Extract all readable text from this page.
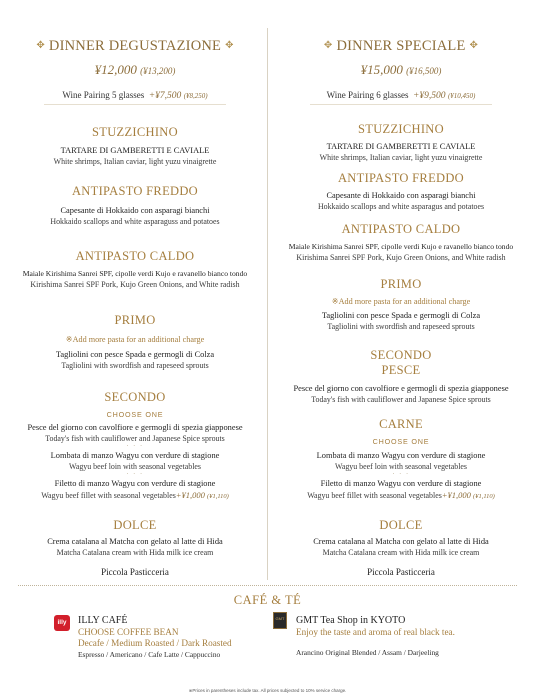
✥ DINNER DEGUSTAZIONE ✥
¥12,000 (¥13,200)
Wine Pairing 5 glasses +¥7,500 (¥8,250)
STUZZICHINO
TARTARE DI GAMBERETTI E CAVIALE
White shrimps, Italian caviar, light yuzu vinaigrette
ANTIPASTO FREDDO
Capesante di Hokkaido con asparagi bianchi
Hokkaido scallops and white asparaguss and potatoes
ANTIPASTO CALDO
Maiale Kirishima Sanrei SPF, cipolle verdi Kujo e ravanello bianco tondo
Kirishima Sanrei SPF Pork, Kujo Green Onions, and White radish
PRIMO
※Add more pasta for an additional charge
Tagliolini con pesce Spada e germogli di Colza
Tagliolini with swordfish and rapeseed sprouts
SECONDO
CHOOSE ONE
Pesce del giorno con cavolfiore e germogli di spezia giapponese
Today's fish with cauliflower and Japanese Spice sprouts
· · ·
Lombata di manzo Wagyu con verdure di stagione
Wagyu beef loin with seasonal vegetables
· · ·
Filetto di manzo Wagyu con verdure di stagione
Wagyu beef fillet with seasonal vegetables+¥1,000 (¥1,110)
DOLCE
Crema catalana al Matcha con gelato al latte di Hida
Matcha Catalana cream with Hida milk ice cream
Piccola Pasticceria
✥ DINNER SPECIALE ✥
¥15,000 (¥16,500)
Wine Pairing 6 glasses +¥9,500 (¥10,450)
STUZZICHINO
TARTARE DI GAMBERETTI E CAVIALE
White shrimps, Italian caviar, light yuzu vinaigrette
ANTIPASTO FREDDO
Capesante di Hokkaido con asparagi bianchi
Hokkaido scallops and white asparagus and potatoes
ANTIPASTO CALDO
Maiale Kirishima Sanrei SPF, cipolle verdi Kujo e ravanello bianco tondo
Kirishima Sanrei SPF Pork, Kujo Green Onions, and White radish
PRIMO
※Add more pasta for an additional charge
Tagliolini con pesce Spada e germogli di Colza
Tagliolini with swordfish and rapeseed sprouts
SECONDO
PESCE
Pesce del giorno con cavolfiore e germogli di spezia giapponese
Today's fish with cauliflower and Japanese Spice sprouts
CARNE
CHOOSE ONE
Lombata di manzo Wagyu con verdure di stagione
Wagyu beef loin with seasonal vegetables
· · ·
Filetto di manzo Wagyu con verdure di stagione
Wagyu beef fillet with seasonal vegetables+¥1,000 (¥1,110)
DOLCE
Crema catalana al Matcha con gelato al latte di Hida
Matcha Catalana cream with Hida milk ice cream
Piccola Pasticceria
CAFÉ & TÉ
illy	ILLY CAFÉ
CHOOSE COFFEE BEAN
Decafe / Medium Roasted / Dark Roasted
Espresso / Americano / Cafe Latte / Cappuccino
GMT GMT Tea Shop in KYOTO
Enjoy the taste and aroma of real black tea.
Arancino Original Blended / Assam / Darjeeling
※Prices in parentheses include tax. All prices subjected to 10% service charge.
